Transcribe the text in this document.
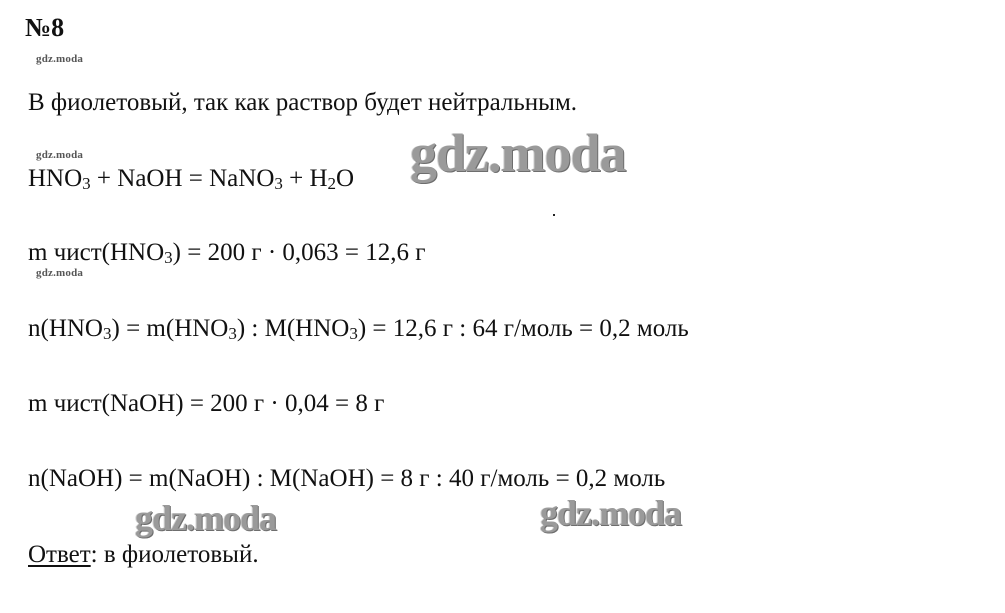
№8
gdz.moda
В фиолетовый, так как раствор будет нейтральным.
gdz.moda	gdz.moda
$HNO_3$ + NaOH = NaNO$_3$ + $H_2O$
m $чист(HNO_3) = 200$ г · 0,063 = 12,6 г
gdz.moda
$n(HNO_3) = m(HNO_3)$ : $M(HNO_3) = 12,6$ г : 64 г/моль = 0,2 моль
m чист(NaOH) = 200 г · 0,04 = 8 г
n(NaOH) = m(NaOH) : M(NaOH) = 8 г : 40 г/моль = 0,2 моль
gdz.moda	gdz.moda
Ответ: в фиолетовый.
